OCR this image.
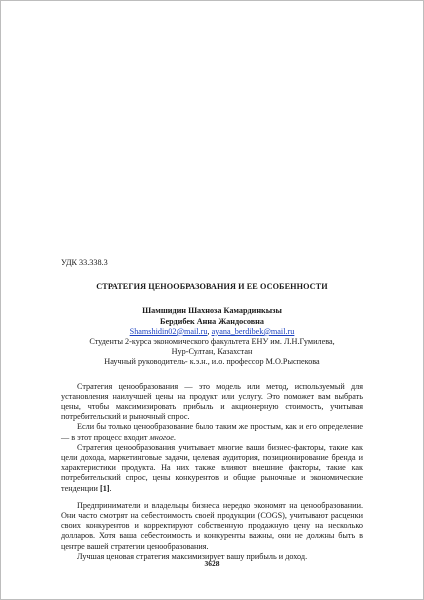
УДК 33.338.3

СТРАТЕГИЯ ЦЕНООБРАЗОВАНИЯ И ЕЕ ОСОБЕННОСТИ

Шамшидин Шахноза Камардинкызы

Бердибек Анна Жандосовна

Shamshidin02@mail.ru, ayana_berdibek@mail.ru

Студенты 2-курса экономического факультета ЕНУ им. Л.Н.Гумилева,

Нур-Султан, Казахстан

Научный руководитель- к.э.н., и.о. профессор М.О.Рыспекова

Стратегия ценообразования — это модель или метод, используемый для установления наилучшей цены на продукт или услугу. Это поможет вам выбрать цены, чтобы максимизировать прибыль и акционерную стоимость, учитывая потребительский и рыночный спрос.

Если бы только ценообразование было таким же простым, как и его определение — в этот процесс входит многое.

Стратегия ценообразования учитывает многие ваши бизнес-факторы, такие как цели дохода, маркетинговые задачи, целевая аудитория, позиционирование бренда и характеристики продукта. На них также влияют внешние факторы, такие как потребительский спрос, цены конкурентов и общие рыночные и экономические тенденции [1].

Предприниматели и владельцы бизнеса нередко экономят на ценообразовании. Они часто смотрят на себестоимость своей продукции (COGS), учитывают расценки своих конкурентов и корректируют собственную продажную цену на несколько долларов. Хотя ваша себестоимость и конкуренты важны, они не должны быть в центре вашей стратегии ценообразования.

Лучшая ценовая стратегия максимизирует вашу прибыль и доход.

3628
